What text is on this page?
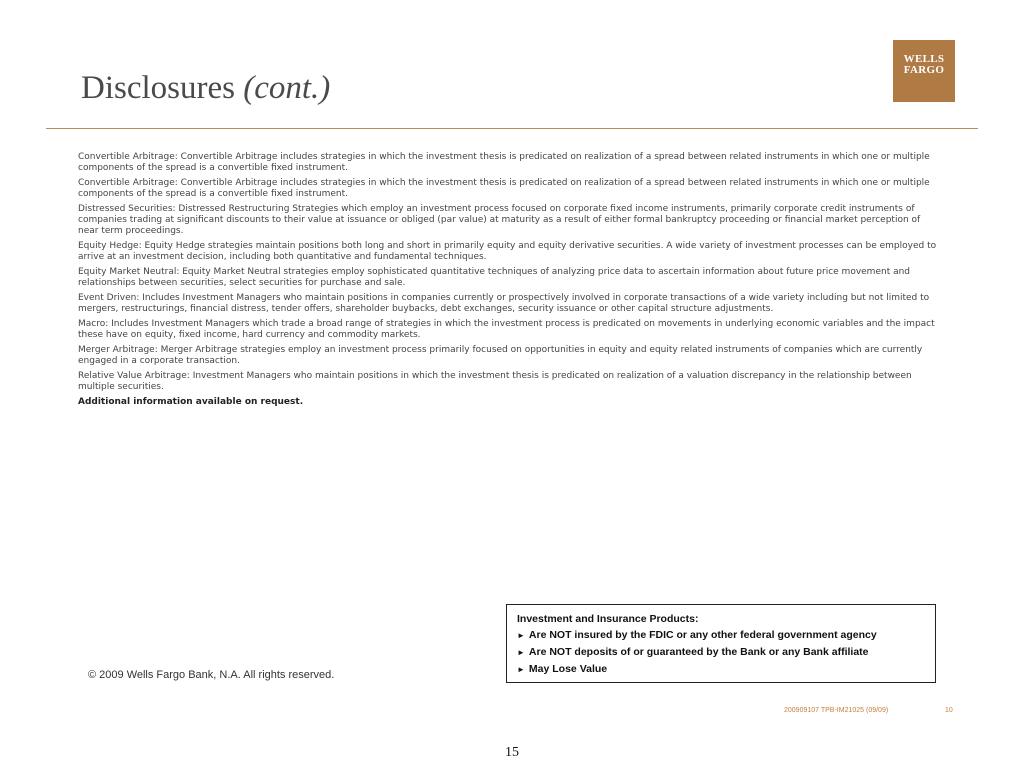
Disclosures (cont.)
WELLS
FARGO

Convertible Arbitrage: Convertible Arbitrage includes strategies in which the investment thesis is predicated on realization of a spread between related instruments in which one or multiple components of the spread is a convertible fixed instrument.

Convertible Arbitrage: Convertible Arbitrage includes strategies in which the investment thesis is predicated on realization of a spread between related instruments in which one or multiple components of the spread is a convertible fixed instrument.

Distressed Securities: Distressed Restructuring Strategies which employ an investment process focused on corporate fixed income instruments, primarily corporate credit instruments of companies trading at significant discounts to their value at issuance or obliged (par value) at maturity as a result of either formal bankruptcy proceeding or financial market perception of near term proceedings.

Equity Hedge: Equity Hedge strategies maintain positions both long and short in primarily equity and equity derivative securities. A wide variety of investment processes can be employed to arrive at an investment decision, including both quantitative and fundamental techniques.

Equity Market Neutral: Equity Market Neutral strategies employ sophisticated quantitative techniques of analyzing price data to ascertain information about future price movement and relationships between securities, select securities for purchase and sale.

Event Driven: Includes Investment Managers who maintain positions in companies currently or prospectively involved in corporate transactions of a wide variety including but not limited to mergers, restructurings, financial distress, tender offers, shareholder buybacks, debt exchanges, security issuance or other capital structure adjustments.

Macro: Includes Investment Managers which trade a broad range of strategies in which the investment process is predicated on movements in underlying economic variables and the impact these have on equity, fixed income, hard currency and commodity markets.

Merger Arbitrage: Merger Arbitrage strategies employ an investment process primarily focused on opportunities in equity and equity related instruments of companies which are currently engaged in a corporate transaction.

Relative Value Arbitrage: Investment Managers who maintain positions in which the investment thesis is predicated on realization of a valuation discrepancy in the relationship between multiple securities.

Additional information available on request.

Investment and Insurance Products:
► Are NOT insured by the FDIC or any other federal government agency
► Are NOT deposits of or guaranteed by the Bank or any Bank affiliate
► May Lose Value
© 2009 Wells Fargo Bank, N.A. All rights reserved.
200909107 TPB-IM21025 (09/09)	10
15
